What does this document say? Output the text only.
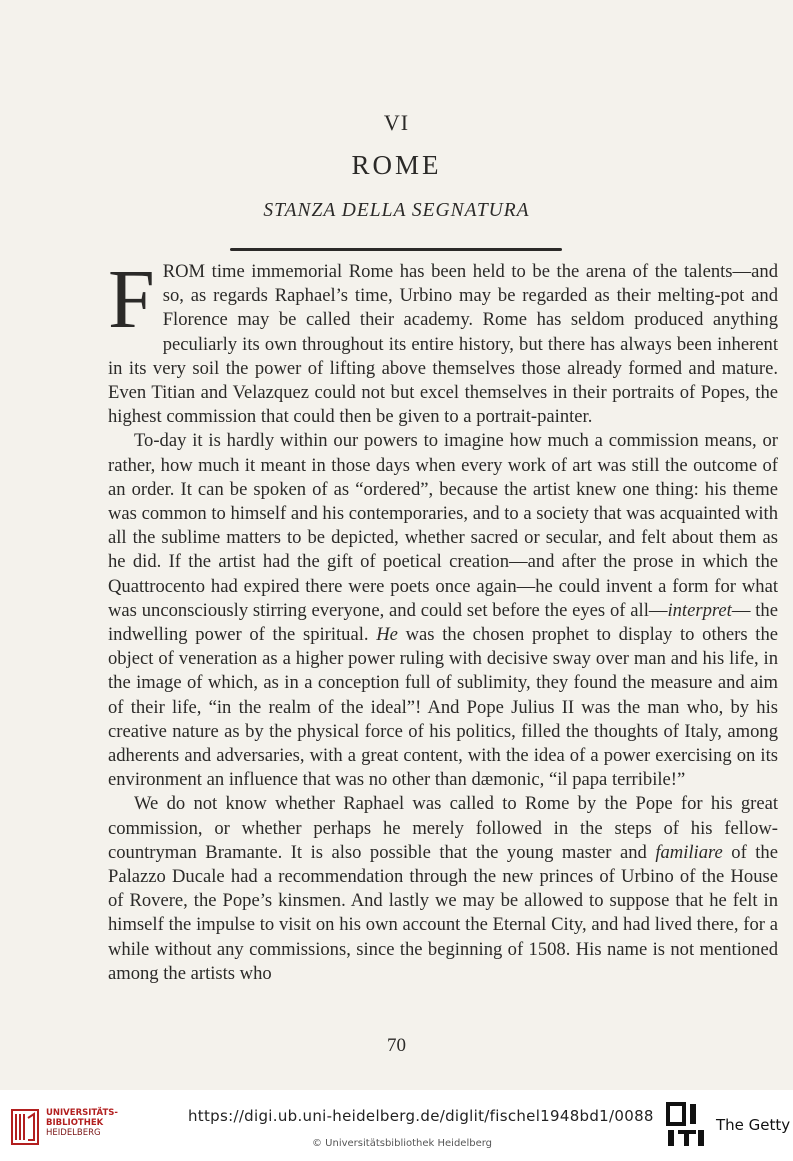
VI
ROME
STANZA DELLA SEGNATURA

FROM time immemorial Rome has been held to be the arena of the talents—and so, as regards Raphael’s time, Urbino may be regarded as their melting-pot and Florence may be called their academy. Rome has seldom produced anything peculiarly its own throughout its entire history, but there has always been inherent in its very soil the power of lifting above themselves those already formed and mature. Even Titian and Velazquez could not but excel themselves in their portraits of Popes, the highest commission that could then be given to a portrait-painter.

To-day it is hardly within our powers to imagine how much a commission means, or rather, how much it meant in those days when every work of art was still the outcome of an order. It can be spoken of as “ordered”, because the artist knew one thing: his theme was common to himself and his contemporaries, and to a society that was acquainted with all the sublime matters to be depicted, whether sacred or secular, and felt about them as he did. If the artist had the gift of poetical creation—and after the prose in which the Quattrocento had expired there were poets once again—he could invent a form for what was unconsciously stirring everyone, and could set before the eyes of all—interpret— the indwelling power of the spiritual. He was the chosen prophet to display to others the object of veneration as a higher power ruling with decisive sway over man and his life, in the image of which, as in a conception full of sublimity, they found the measure and aim of their life, “in the realm of the ideal”! And Pope Julius II was the man who, by his creative nature as by the physical force of his politics, filled the thoughts of Italy, among adherents and adversaries, with a great content, with the idea of a power exercising on its environment an influence that was no other than dæmonic, “il papa terribile!”

We do not know whether Raphael was called to Rome by the Pope for his great commission, or whether perhaps he merely followed in the steps of his fellow-countryman Bramante. It is also possible that the young master and familiare of the Palazzo Ducale had a recommendation through the new princes of Urbino of the House of Rovere, the Pope’s kinsmen. And lastly we may be allowed to suppose that he felt in himself the impulse to visit on his own account the Eternal City, and had lived there, for a while without any commissions, since the beginning of 1508. His name is not mentioned among the artists who

70
UNIVERSITÄTS-
BIBLIOTHEK
HEIDELBERG
https://digi.ub.uni-heidelberg.de/diglit/fischel1948bd1/0088
© Universitätsbibliothek Heidelberg
The Getty
